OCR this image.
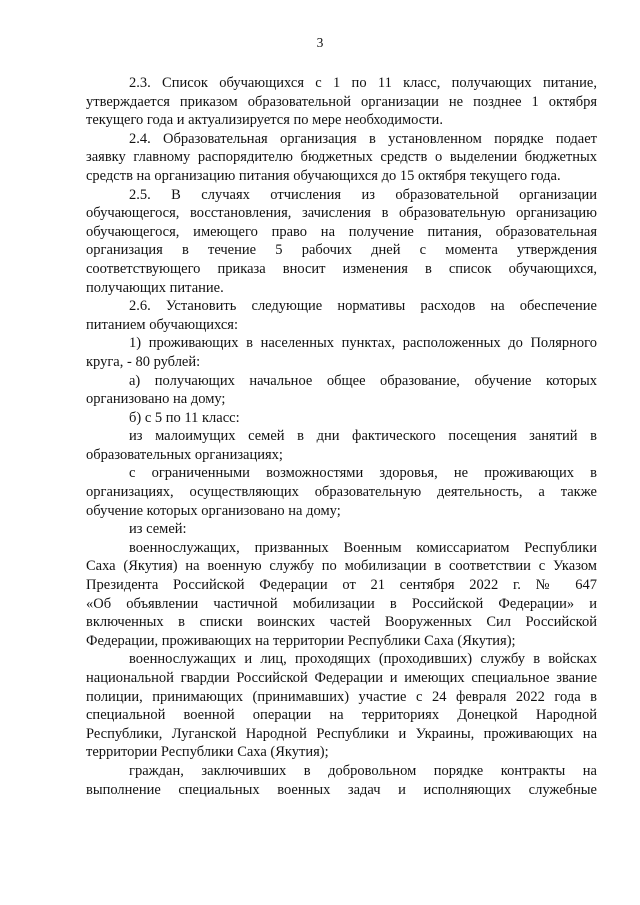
3

2.3. Список обучающихся с 1 по 11 класс, получающих питание,
утверждается приказом образовательной организации не позднее 1 октября
текущего года и актуализируется по мере необходимости.

2.4. Образовательная организация в установленном порядке подает
заявку главному распорядителю бюджетных средств о выделении бюджетных
средств на организацию питания обучающихся до 15 октября текущего года.

2.5. В случаях отчисления из образовательной организации
обучающегося, восстановления, зачисления в образовательную организацию
обучающегося, имеющего право на получение питания, образовательная
организация в течение 5 рабочих дней с момента утверждения
соответствующего приказа вносит изменения в список обучающихся,
получающих питание.

2.6. Установить следующие нормативы расходов на обеспечение
питанием обучающихся:

1) проживающих в населенных пунктах, расположенных до Полярного
круга, - 80 рублей:

а) получающих начальное общее образование, обучение которых
организовано на дому;

б) с 5 по 11 класс:

из малоимущих семей в дни фактического посещения занятий в
образовательных организациях;

с ограниченными возможностями здоровья, не проживающих в
организациях, осуществляющих образовательную деятельность, а также
обучение которых организовано на дому;

из семей:

военнослужащих, призванных Военным комиссариатом Республики
Саха (Якутия) на военную службу по мобилизации в соответствии с Указом
Президента Российской Федерации от 21 сентября 2022 г. № 647
«Об объявлении частичной мобилизации в Российской Федерации» и
включенных в списки воинских частей Вооруженных Сил Российской
Федерации, проживающих на территории Республики Саха (Якутия);

военнослужащих и лиц, проходящих (проходивших) службу в войсках
национальной гвардии Российской Федерации и имеющих специальное звание
полиции, принимающих (принимавших) участие с 24 февраля 2022 года в
специальной военной операции на территориях Донецкой Народной
Республики, Луганской Народной Республики и Украины, проживающих на
территории Республики Саха (Якутия);

граждан, заключивших в добровольном порядке контракты на
выполнение специальных военных задач и исполняющих служебные
